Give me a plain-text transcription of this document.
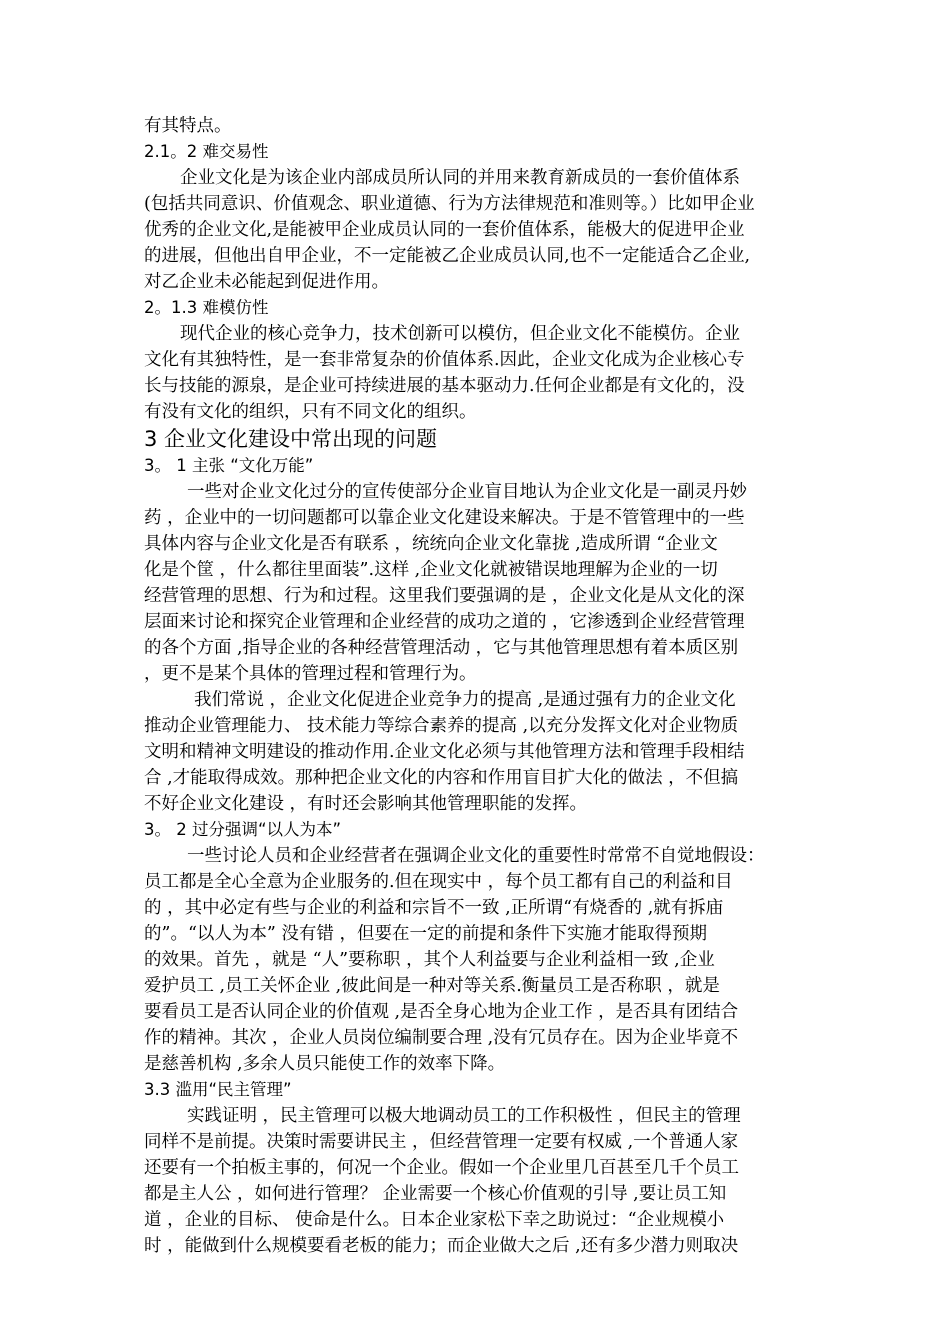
有其特点。
2.1。2 难交易性
企业文化是为该企业内部成员所认同的并用来教育新成员的一套价值体系
(包括共同意识、价值观念、职业道德、行为方法律规范和准则等。）比如甲企业
优秀的企业文化,是能被甲企业成员认同的一套价值体系，能极大的促进甲企业
的进展，但他出自甲企业，不一定能被乙企业成员认同,也不一定能适合乙企业,
对乙企业未必能起到促进作用。
2。1.3 难模仿性
现代企业的核心竞争力，技术创新可以模仿，但企业文化不能模仿。企业
文化有其独特性，是一套非常复杂的价值体系.因此，企业文化成为企业核心专
长与技能的源泉，是企业可持续进展的基本驱动力.任何企业都是有文化的，没
有没有文化的组织，只有不同文化的组织。
3 企业文化建设中常出现的问题
3。 1 主张 “文化万能”
一些对企业文化过分的宣传使部分企业盲目地认为企业文化是一副灵丹妙
药 ，企业中的一切问题都可以靠企业文化建设来解决。于是不管管理中的一些
具体内容与企业文化是否有联系 ，统统向企业文化靠拢 ,造成所谓 “企业文
化是个筐 ，什么都往里面装”.这样 ,企业文化就被错误地理解为企业的一切
经营管理的思想、行为和过程。这里我们要强调的是 ，企业文化是从文化的深
层面来讨论和探究企业管理和企业经营的成功之道的 ，它渗透到企业经营管理
的各个方面 ,指导企业的各种经营管理活动 ，它与其他管理思想有着本质区别
，更不是某个具体的管理过程和管理行为。
我们常说 ，企业文化促进企业竞争力的提高 ,是通过强有力的企业文化
推动企业管理能力、 技术能力等综合素养的提高 ,以充分发挥文化对企业物质
文明和精神文明建设的推动作用.企业文化必须与其他管理方法和管理手段相结
合 ,才能取得成效。那种把企业文化的内容和作用盲目扩大化的做法 ，不但搞
不好企业文化建设 ，有时还会影响其他管理职能的发挥。
3。 2 过分强调“以人为本”
一些讨论人员和企业经营者在强调企业文化的重要性时常常不自觉地假设：
员工都是全心全意为企业服务的.但在现实中 ，每个员工都有自己的利益和目
的 ，其中必定有些与企业的利益和宗旨不一致 ,正所谓“有烧香的 ,就有拆庙
的”。“以人为本” 没有错 ，但要在一定的前提和条件下实施才能取得预期
的效果。首先 ，就是 “人”要称职 ，其个人利益要与企业利益相一致 ,企业
爱护员工 ,员工关怀企业 ,彼此间是一种对等关系.衡量员工是否称职 ，就是
要看员工是否认同企业的价值观 ,是否全身心地为企业工作 ，是否具有团结合
作的精神。其次 ，企业人员岗位编制要合理 ,没有冗员存在。因为企业毕竟不
是慈善机构 ,多余人员只能使工作的效率下降。
3.3 滥用“民主管理”
实践证明 ，民主管理可以极大地调动员工的工作积极性 ，但民主的管理
同样不是前提。决策时需要讲民主 ，但经营管理一定要有权威 ,一个普通人家
还要有一个拍板主事的，何况一个企业。假如一个企业里几百甚至几千个员工
都是主人公 ，如何进行管理？ 企业需要一个核心价值观的引导 ,要让员工知
道 ，企业的目标、 使命是什么。日本企业家松下幸之助说过：“企业规模小
时 ，能做到什么规模要看老板的能力；而企业做大之后 ,还有多少潜力则取决
